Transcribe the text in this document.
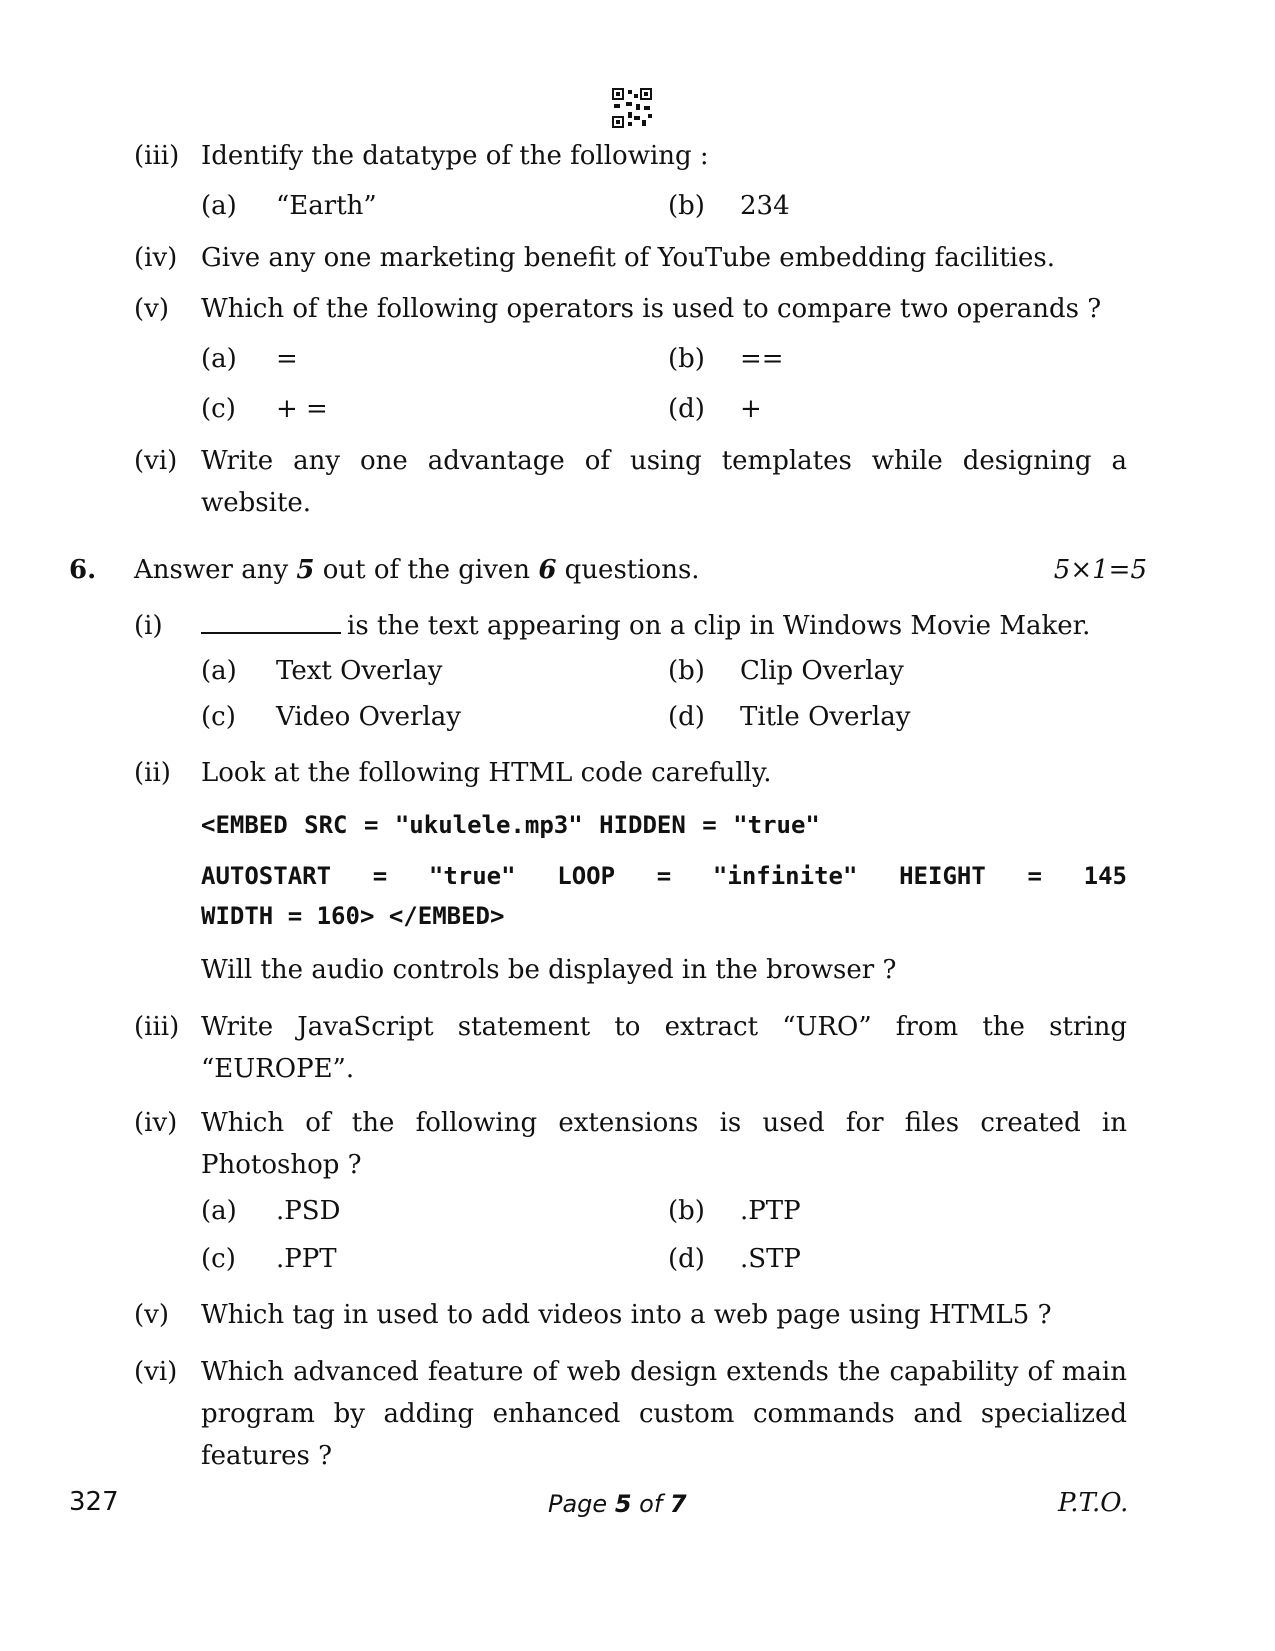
(iii) Identify the datatype of the following :
(a) “Earth”	(b) 234
(iv) Give any one marketing benefit of YouTube embedding facilities.
(v) Which of the following operators is used to compare two operands ?
(a) =	(b) ==
(c) + =	(d) +
(vi) Write any one advantage of using templates while designing a website.
6. Answer any 5 out of the given 6 questions.	5×1=5
(i)	is the text appearing on a clip in Windows Movie Maker.
(a) Text Overlay	(b) Clip Overlay
(c) Video Overlay	(d) Title Overlay
(ii) Look at the following HTML code carefully.
<EMBED SRC = "ukulele.mp3" HIDDEN = "true"
AUTOSTART = "true" LOOP = "infinite" HEIGHT = 145
WIDTH = 160> </EMBED>
Will the audio controls be displayed in the browser ?
(iii) Write JavaScript statement to extract “URO” from the string “EUROPE”.
(iv) Which of the following extensions is used for files created in Photoshop ?
(a) .PSD	(b) .PTP
(c) .PPT	(d) .STP
(v) Which tag in used to add videos into a web page using HTML5 ?
(vi) Which advanced feature of web design extends the capability of main program by adding enhanced custom commands and specialized features ?
327	Page 5 of 7	P.T.O.
